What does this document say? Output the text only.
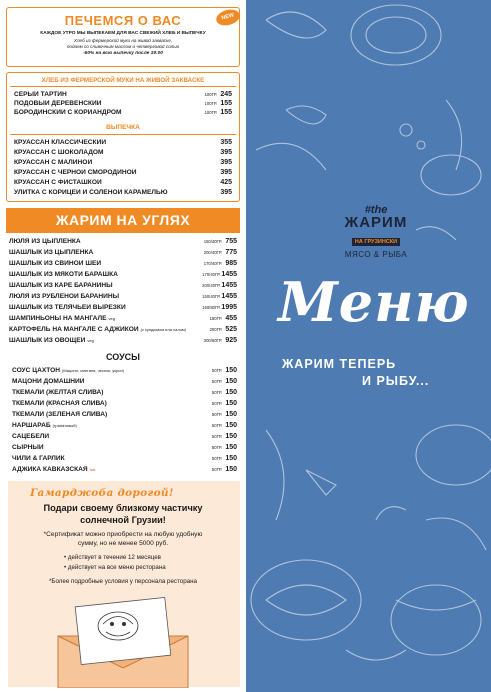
ПЕЧЕМСЯ О ВАС	NEW
КАЖДОЕ УТРО МЫ ВЫПЕКАЕМ ДЛЯ ВАС СВЕЖИЙ ХЛЕБ И ВЫПЕЧКУ
Хлеб из фермерской муки на живой закваске,
подаем со сливочным маслом и четверговой солью
-50% на всю выпечку после 19:00
ХЛЕБ ИЗ ФЕРМЕРСКОЙ МУКИ НА ЖИВОЙ ЗАКВАСКЕ
СЕРЫЙ ТАРТИН	100ГР. 245
ПОДОВЫЙ ДЕРЕВЕНСКИЙ	100ГР. 155
БОРОДИНСКИЙ С КОРИАНДРОМ	100ГР. 155
ВЫПЕЧКА
КРУАССАН КЛАССИЧЕСКИЙ	355
КРУАССАН С ШОКОЛАДОМ	395
КРУАССАН С МАЛИНОЙ	395
КРУАССАН С ЧЕРНОЙ СМОРОДИНОЙ	395
КРУАССАН С ФИСТАШКОЙ	425
УЛИТКА С КОРИЦЕЙ И СОЛЕНОЙ КАРАМЕЛЬЮ	395
ЖАРИМ НА УГЛЯХ
ЛЮЛЯ ИЗ ЦЫПЛЕНКА	150/40ГР. 755
ШАШЛЫК ИЗ ЦЫПЛЕНКА	200/40ГР. 775
ШАШЛЫК ИЗ СВИНОЙ ШЕИ	170/40ГР. 985
ШАШЛЫК ИЗ МЯКОТИ БАРАШКА	170/40ГР. 1455
ШАШЛЫК ИЗ КАРЕ БАРАНИНЫ	200/40ГР. 1455
ЛЮЛЯ ИЗ РУБЛЕНОЙ БАРАНИНЫ	150/40ГР. 1455
ШАШЛЫК ИЗ ТЕЛЯЧЬЕЙ ВЫРЕЗКИ	160/80ГР. 1995
ШАМПИНЬОНЫ НА МАНГАЛЕ veg	150ГР. 455
КАРТОФЕЛЬ НА МАНГАЛЕ С АДЖИКОЙ (с кундюмом или салом)	200ГР. 525
ШАШЛЫК ИЗ ОВОЩЕЙ veg	300/60ГР. 925
СОУСЫ
СОУС ЦАХТОН (Мацони, сметана, чеснок, укроп)	50ГР. 150
МАЦОНИ ДОМАШНИЙ	50ГР. 150
ТКЕМАЛИ (ЖЕЛТАЯ СЛИВА)	50ГР. 150
ТКЕМАЛИ (КРАСНАЯ СЛИВА)	50ГР. 150
ТКЕМАЛИ (ЗЕЛЕНАЯ СЛИВА)	50ГР. 150
НАРШАРАБ (гранатовый)	50ГР. 150
САЦЕБЕЛИ	50ГР. 150
СЫРНЫЙ	50ГР. 150
ЧИЛИ & ГАРЛИК	50ГР. 150
АДЖИКА КАВКАЗСКАЯ hot	50ГР. 150
Гамарджоба дорогой!
Подари своему близкому частичку
солнечной Грузии!
*Сертификат можно приобрести на любую удобную
сумму, но не менее 5000 руб.
• действует в течение 12 месяцев
• действует на все меню ресторана
*Более подробные условия у персонала ресторана
#the
ЖАРИМ
НА ГРУЗИНСКИ
МЯСО & РЫБА
Меню
ЖАРИМ ТЕПЕРЬ
И РЫБУ...
